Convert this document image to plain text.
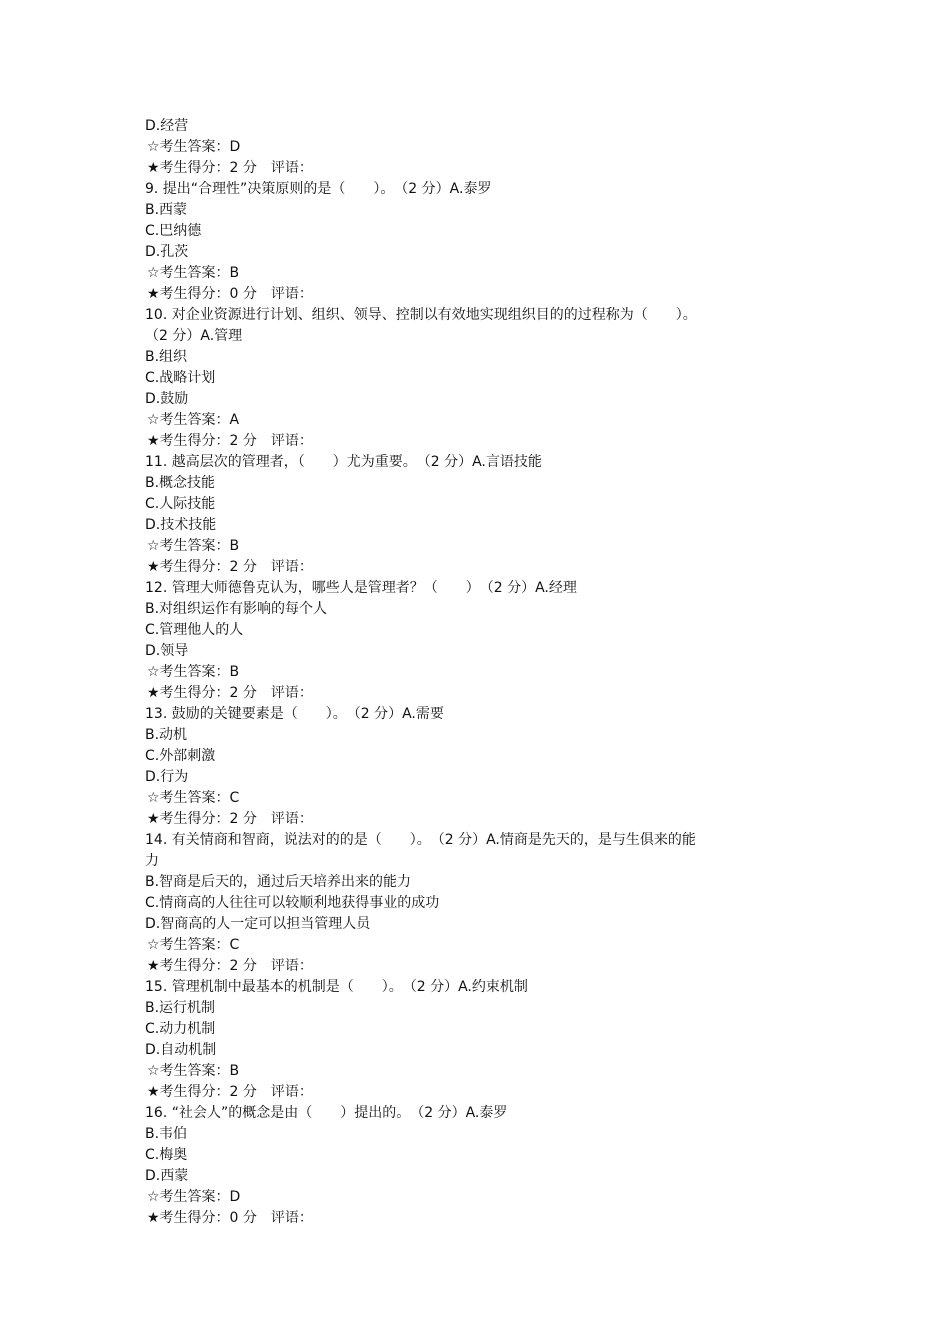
D.经营
☆考生答案：D
★考生得分：2 分　评语：
9. 提出“合理性”决策原则的是（　　）。　（2 分）A.泰罗
B.西蒙
C.巴纳德
D.孔茨
☆考生答案：B
★考生得分：0 分　评语：
10. 对企业资源进行计划、组织、领导、控制以有效地实现组织目的的过程称为（　　）。
（2 分）A.管理
B.组织
C.战略计划
D.鼓励
☆考生答案：A
★考生得分：2 分　评语：
11. 越高层次的管理者，（　　）尤为重要。　（2 分）A.言语技能
B.概念技能
C.人际技能
D.技术技能
☆考生答案：B
★考生得分：2 分　评语：
12. 管理大师德鲁克认为，哪些人是管理者？（　　）　（2 分）A.经理
B.对组织运作有影响的每个人
C.管理他人的人
D.领导
☆考生答案：B
★考生得分：2 分　评语：
13. 鼓励的关键要素是（　　）。　（2 分）A.需要
B.动机
C.外部刺激
D.行为
☆考生答案：C
★考生得分：2 分　评语：
14. 有关情商和智商，说法对的的是（　　）。　（2 分）A.情商是先天的，是与生俱来的能
力
B.智商是后天的，通过后天培养出来的能力
C.情商高的人往往可以较顺利地获得事业的成功
D.智商高的人一定可以担当管理人员
☆考生答案：C
★考生得分：2 分　评语：
15. 管理机制中最基本的机制是（　　）。　（2 分）A.约束机制
B.运行机制
C.动力机制
D.自动机制
☆考生答案：B
★考生得分：2 分　评语：
16. “社会人”的概念是由（　　）提出的。　（2 分）A.泰罗
B.韦伯
C.梅奥
D.西蒙
☆考生答案：D
★考生得分：0 分　评语：
